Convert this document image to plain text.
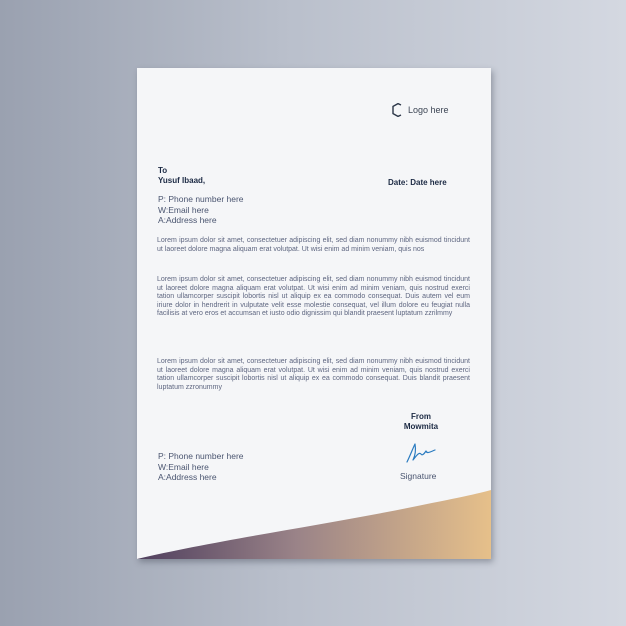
Logo here
To
Yusuf Ibaad,	Date: Date here
P: Phone number here
W:Email here
A:Address here
Lorem ipsum dolor sit amet, consectetuer adipiscing elit, sed diam nonummy nibh euismod tincidunt ut laoreet dolore magna aliquam erat volutpat. Ut wisi enim ad minim veniam, quis nos
Lorem ipsum dolor sit amet, consectetuer adipiscing elit, sed diam nonummy nibh euismod tincidunt ut laoreet dolore magna aliquam erat volutpat. Ut wisi enim ad minim veniam, quis nostrud exerci tation ullamcorper suscipit lobortis nisl ut aliquip ex ea commodo consequat. Duis autem vel eum iriure dolor in hendrerit in vulputate velit esse molestie consequat, vel illum dolore eu feugiat nulla facilisis at vero eros et accumsan et iusto odio dignissim qui blandit praesent luptatum zzrilmmy
Lorem ipsum dolor sit amet, consectetuer adipiscing elit, sed diam nonummy nibh euismod tincidunt ut laoreet dolore magna aliquam erat volutpat. Ut wisi enim ad minim veniam, quis nostrud exerci tation ullamcorper suscipit lobortis nisl ut aliquip ex ea commodo consequat. Duis blandit praesent luptatum zzronummy
From
Mowmita
Signature
P: Phone number here
W:Email here
A:Address here
